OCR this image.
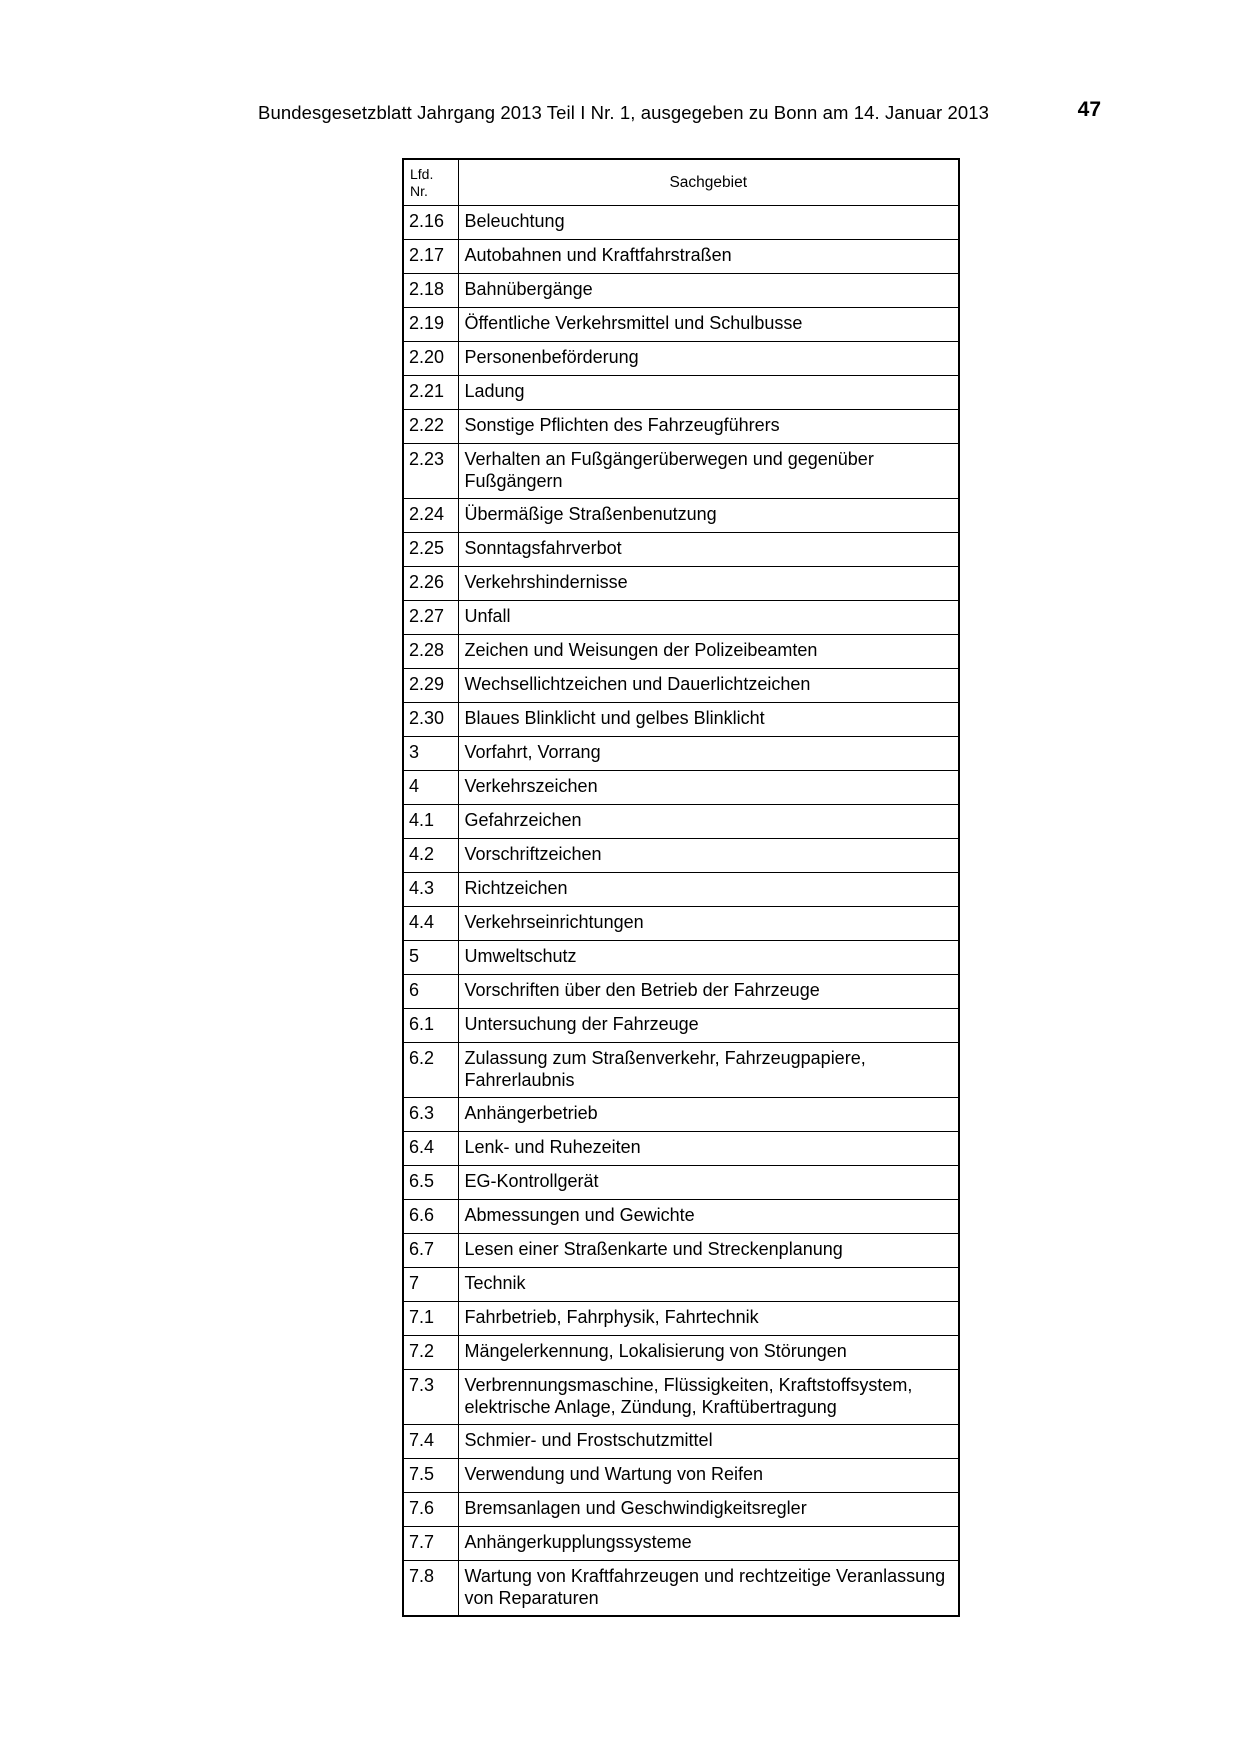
Bundesgesetzblatt Jahrgang 2013 Teil I Nr. 1, ausgegeben zu Bonn am 14. Januar 2013	47
Lfd. Nr.	Sachgebiet
2.16	Beleuchtung
2.17	Autobahnen und Kraftfahrstraßen
2.18	Bahnübergänge
2.19	Öffentliche Verkehrsmittel und Schulbusse
2.20	Personenbeförderung
2.21	Ladung
2.22	Sonstige Pflichten des Fahrzeugführers
2.23	Verhalten an Fußgängerüberwegen und gegenüber Fußgängern
2.24	Übermäßige Straßenbenutzung
2.25	Sonntagsfahrverbot
2.26	Verkehrshindernisse
2.27	Unfall
2.28	Zeichen und Weisungen der Polizeibeamten
2.29	Wechsellichtzeichen und Dauerlichtzeichen
2.30	Blaues Blinklicht und gelbes Blinklicht
3	Vorfahrt, Vorrang
4	Verkehrszeichen
4.1	Gefahrzeichen
4.2	Vorschriftzeichen
4.3	Richtzeichen
4.4	Verkehrseinrichtungen
5	Umweltschutz
6	Vorschriften über den Betrieb der Fahrzeuge
6.1	Untersuchung der Fahrzeuge
6.2	Zulassung zum Straßenverkehr, Fahrzeugpapiere, Fahrerlaubnis
6.3	Anhängerbetrieb
6.4	Lenk- und Ruhezeiten
6.5	EG-Kontrollgerät
6.6	Abmessungen und Gewichte
6.7	Lesen einer Straßenkarte und Streckenplanung
7	Technik
7.1	Fahrbetrieb, Fahrphysik, Fahrtechnik
7.2	Mängelerkennung, Lokalisierung von Störungen
7.3	Verbrennungsmaschine, Flüssigkeiten, Kraftstoffsystem, elektrische Anlage, Zündung, Kraftübertragung
7.4	Schmier- und Frostschutzmittel
7.5	Verwendung und Wartung von Reifen
7.6	Bremsanlagen und Geschwindigkeitsregler
7.7	Anhängerkupplungssysteme
7.8	Wartung von Kraftfahrzeugen und rechtzeitige Veranlassung von Reparaturen
